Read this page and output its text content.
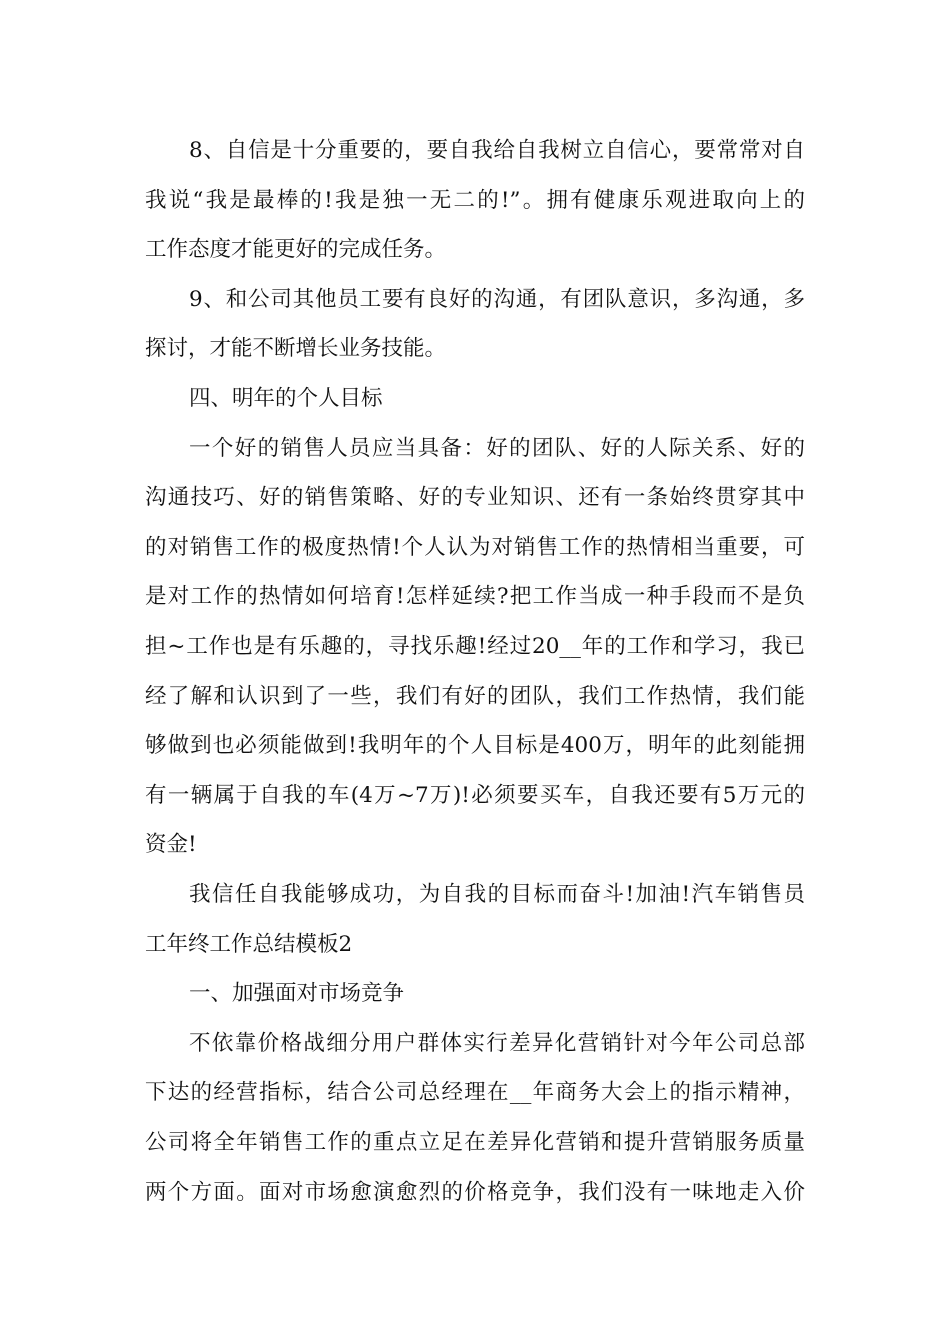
8、自信是十分重要的，要自我给自我树立自信心，要常常对自
我说“我是最棒的!我是独一无二的!”。拥有健康乐观进取向上的
工作态度才能更好的完成任务。
9、和公司其他员工要有良好的沟通，有团队意识，多沟通，多
探讨，才能不断增长业务技能。
四、明年的个人目标
一个好的销售人员应当具备：好的团队、好的人际关系、好的
沟通技巧、好的销售策略、好的专业知识、还有一条始终贯穿其中
的对销售工作的极度热情!个人认为对销售工作的热情相当重要，可
是对工作的热情如何培育!怎样延续?把工作当成一种手段而不是负
担~工作也是有乐趣的，寻找乐趣!经过20__年的工作和学习，我已
经了解和认识到了一些，我们有好的团队，我们工作热情，我们能
够做到也必须能做到!我明年的个人目标是400万，明年的此刻能拥
有一辆属于自我的车(4万~7万)!必须要买车，自我还要有5万元的
资金!
我信任自我能够成功，为自我的目标而奋斗!加油!汽车销售员
工年终工作总结模板2
一、加强面对市场竞争
不依靠价格战细分用户群体实行差异化营销针对今年公司总部
下达的经营指标，结合公司总经理在__年商务大会上的指示精神，
公司将全年销售工作的重点立足在差异化营销和提升营销服务质量
两个方面。面对市场愈演愈烈的价格竞争，我们没有一味地走入价
